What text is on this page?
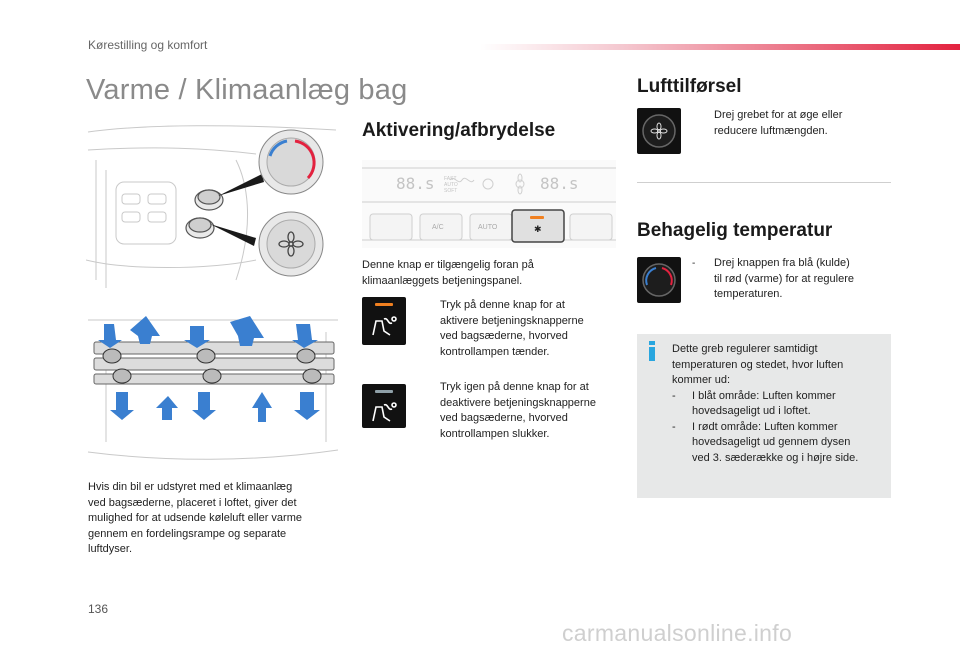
Kørestilling og komfort
Varme / Klimaanlæg bag
Hvis din bil er udstyret med et klimaanlæg
ved bagsæderne, placeret i loftet, giver det
mulighed for at udsende køleluft eller varme
gennem en fordelingsrampe og separate
luftdyser.
Aktivering/afbrydelse
✱
88.s FAST AUTO SOFT	88.s
A/C	AUTO
Denne knap er tilgængelig foran på
klimaanlæggets betjeningspanel.
Tryk på denne knap for at
aktivere betjeningsknapperne
ved bagsæderne, hvorved
kontrollampen tænder.
Tryk igen på denne knap for at
deaktivere betjeningsknapperne
ved bagsæderne, hvorved
kontrollampen slukker.
Lufttilførsel
Drej grebet for at øge eller
reducere luftmængden.
Behagelig temperatur
- Drej knappen fra blå (kulde)
til rød (varme) for at regulere
temperaturen.
Dette greb regulerer samtidigt
temperaturen og stedet, hvor luften
kommer ud:
- I blåt område: Luften kommer
hovedsageligt ud i loftet.
- I rødt område: Luften kommer
hovedsageligt ud gennem dysen
ved 3. sæderække og i højre side.
136
carmanualsonline.info
